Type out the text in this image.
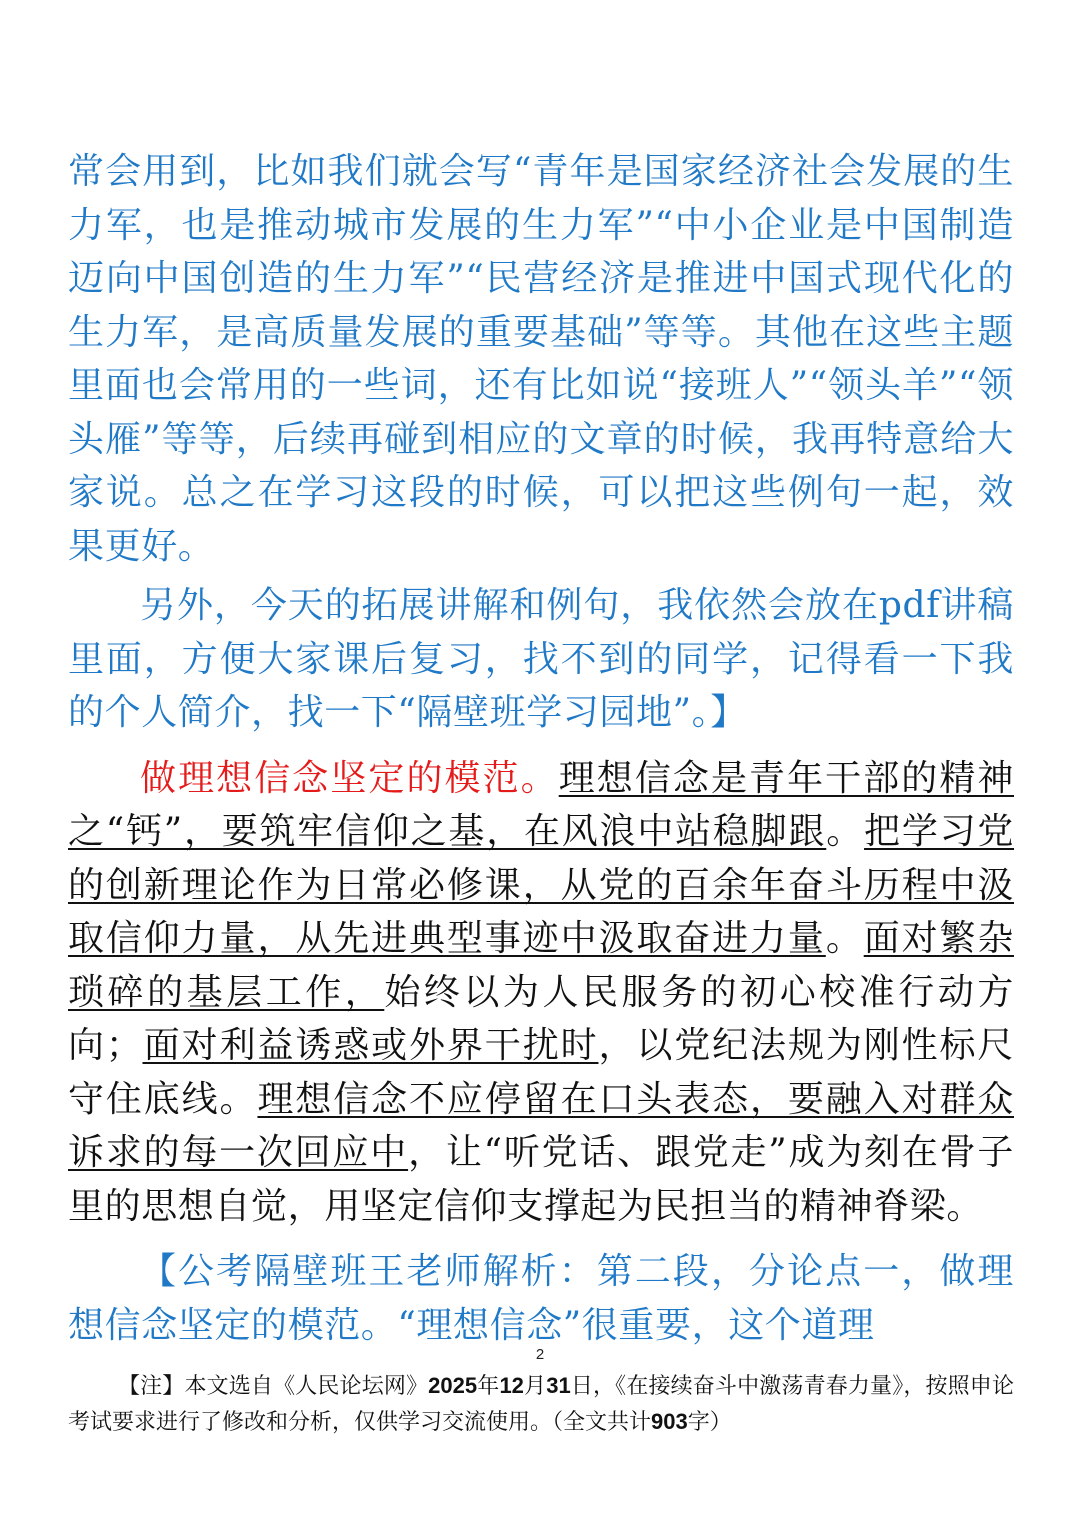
常会用到，比如我们就会写“青年是国家经济社会发展的生力军，也是推动城市发展的生力军”“中小企业是中国制造迈向中国创造的生力军”“民营经济是推进中国式现代化的生力军，是高质量发展的重要基础”等等。其他在这些主题里面也会常用的一些词，还有比如说“接班人”“领头羊”“领头雁”等等，后续再碰到相应的文章的时候，我再特意给大家说。总之在学习这段的时候，可以把这些例句一起，效果更好。

另外，今天的拓展讲解和例句，我依然会放在pdf讲稿里面，方便大家课后复习，找不到的同学，记得看一下我的个人简介，找一下“隔壁班学习园地”。】

做理想信念坚定的模范。理想信念是青年干部的精神之“钙”，要筑牢信仰之基，在风浪中站稳脚跟。把学习党的创新理论作为日常必修课，从党的百余年奋斗历程中汲取信仰力量，从先进典型事迹中汲取奋进力量。面对繁杂琐碎的基层工作，始终以为人民服务的初心校准行动方向；面对利益诱惑或外界干扰时，以党纪法规为刚性标尺守住底线。理想信念不应停留在口头表态，要融入对群众诉求的每一次回应中，让“听党话、跟党走”成为刻在骨子里的思想自觉，用坚定信仰支撑起为民担当的精神脊梁。

【公考隔壁班王老师解析：第二段，分论点一，做理想信念坚定的模范。“理想信念”很重要，这个道理

2
【注】本文选自《人民论坛网》2025年12月31日，《在接续奋斗中激荡青春力量》，按照申论考试要求进行了修改和分析，仅供学习交流使用。（全文共计903字）
